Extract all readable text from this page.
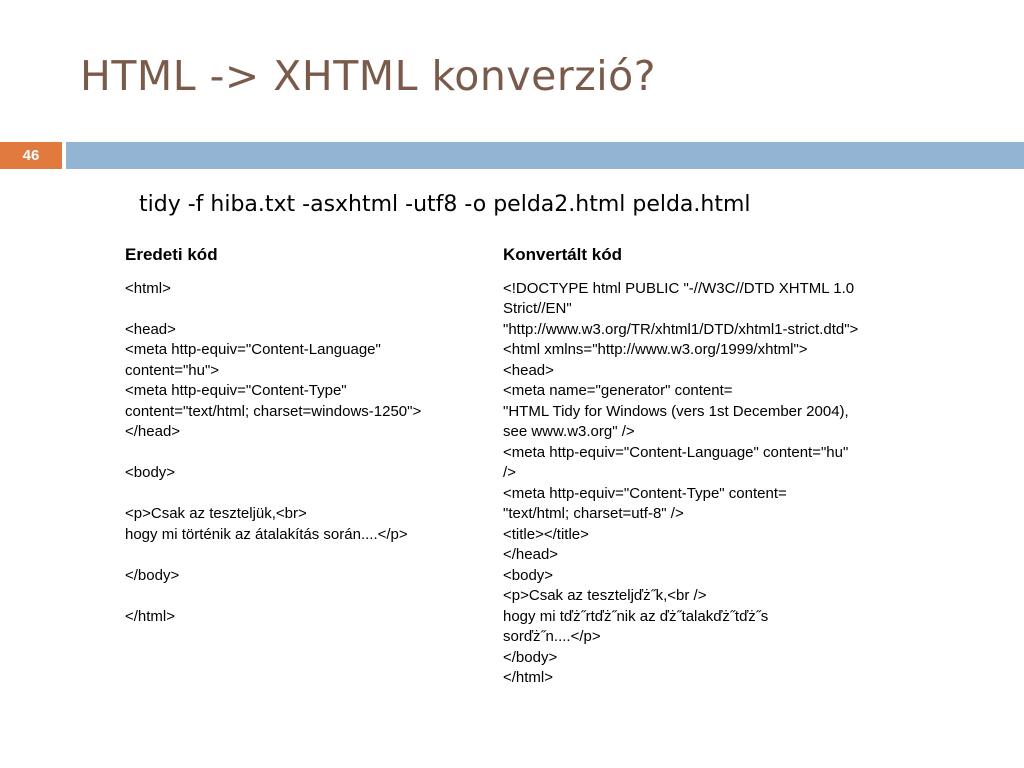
HTML -> XHTML konverzió?
46
tidy -f hiba.txt -asxhtml -utf8 -o pelda2.html pelda.html
Eredeti kód
<html>
<head>
<meta http-equiv="Content-Language"
content="hu">
<meta http-equiv="Content-Type"
content="text/html; charset=windows-1250">
</head>
<body>
<p>Csak az teszteljük,<br>
hogy mi történik az átalakítás során....</p>
</body>
</html>
Konvertált kód
<!DOCTYPE html PUBLIC "-//W3C//DTD XHTML 1.0
Strict//EN"
"http://www.w3.org/TR/xhtml1/DTD/xhtml1-strict.dtd">
<html xmlns="http://www.w3.org/1999/xhtml">
<head>
<meta name="generator" content=
"HTML Tidy for Windows (vers 1st December 2004),
see www.w3.org" />
<meta http-equiv="Content-Language" content="hu"
/>
<meta http-equiv="Content-Type" content=
"text/html; charset=utf-8" />
<title></title>
</head>
<body>
<p>Csak az teszteljďż˝k,<br />
hogy mi tďż˝rtďż˝nik az ďż˝talakďż˝tďż˝s
sorďż˝n....</p>
</body>
</html>
